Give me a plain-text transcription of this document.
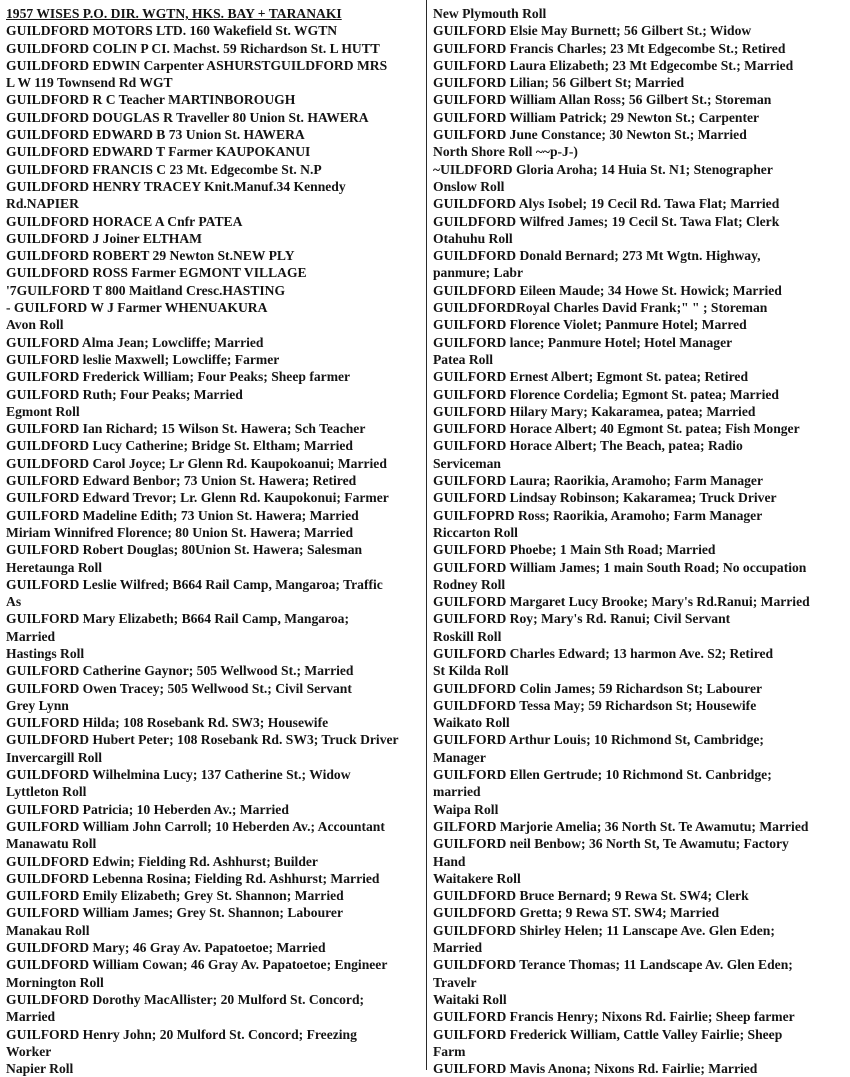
1957 WISES P.O. DIR. WGTN, HKS. BAY + TARANAKI
GUILDFORD MOTORS LTD. 160 Wakefield St. WGTN
GUILDFORD COLIN P CI. Machst. 59 Richardson St. L HUTT
GUILDFORD EDWIN Carpenter ASHURSTGUILDFORD MRS
L W 119 Townsend Rd WGT
GUILDFORD R C Teacher MARTINBOROUGH
GUILDFORD DOUGLAS R Traveller 80 Union St. HAWERA
GUILDFORD EDWARD B 73 Union St. HAWERA
GUILDFORD EDWARD T Farmer KAUPOKANUI
GUILDFORD FRANCIS C 23 Mt. Edgecombe St. N.P
GUILDFORD HENRY TRACEY Knit.Manuf.34 Kennedy
Rd.NAPIER
GUILDFORD HORACE A Cnfr PATEA
GUILDFORD J Joiner ELTHAM
GUILDFORD ROBERT 29 Newton St.NEW PLY
GUILDFORD ROSS Farmer EGMONT VILLAGE
'7GUILFORD T 800 Maitland Cresc.HASTING
- GUILFORD W J Farmer WHENUAKURA
Avon Roll
GUILFORD Alma Jean; Lowcliffe; Married
GUILFORD leslie Maxwell; Lowcliffe; Farmer
GUILFORD Frederick William; Four Peaks; Sheep farmer
GUILFORD Ruth; Four Peaks; Married
Egmont Roll
GUILFORD Ian Richard; 15 Wilson St. Hawera; Sch Teacher
GUILDFORD Lucy Catherine; Bridge St. Eltham; Married
GUILDFORD Carol Joyce; Lr Glenn Rd. Kaupokoanui; Married
GUILFORD Edward Benbor; 73 Union St. Hawera; Retired
GUILFORD Edward Trevor; Lr. Glenn Rd. Kaupokonui; Farmer
GUILFORD Madeline Edith; 73 Union St. Hawera; Married
Miriam Winnifred Florence; 80 Union St. Hawera; Married
GUILFORD Robert Douglas; 80Union St. Hawera; Salesman
Heretaunga Roll
GUILFORD Leslie Wilfred; B664 Rail Camp, Mangaroa; Traffic
As
GUILFORD Mary Elizabeth; B664 Rail Camp, Mangaroa;
Married
Hastings Roll
GUILFORD Catherine Gaynor; 505 Wellwood St.; Married
GUILFORD Owen Tracey; 505 Wellwood St.; Civil Servant
Grey Lynn
GUILFORD Hilda; 108 Rosebank Rd. SW3; Housewife
GUILDFORD Hubert Peter; 108 Rosebank Rd. SW3; Truck Driver
Invercargill Roll
GUILDFORD Wilhelmina Lucy; 137 Catherine St.; Widow
Lyttleton Roll
GUILFORD Patricia; 10 Heberden Av.; Married
GUILFORD William John Carroll; 10 Heberden Av.; Accountant
Manawatu Roll
GUILDFORD Edwin; Fielding Rd. Ashhurst; Builder
GUILDFORD Lebenna Rosina; Fielding Rd. Ashhurst; Married
GUILFORD Emily Elizabeth; Grey St. Shannon; Married
GUILFORD William James; Grey St. Shannon; Labourer
Manakau Roll
GUILDFORD Mary; 46 Gray Av. Papatoetoe; Married
GUILDFORD William Cowan; 46 Gray Av. Papatoetoe; Engineer
Mornington Roll
GUILDFORD Dorothy MacAllister; 20 Mulford St. Concord;
Married
GUILFORD Henry John; 20 Mulford St. Concord; Freezing
Worker
Napier Roll
New Plymouth Roll
GUILFORD Elsie May Burnett; 56 Gilbert St.; Widow
GUILFORD Francis Charles; 23 Mt Edgecombe St.; Retired
GUILFORD Laura Elizabeth; 23 Mt Edgecombe St.; Married
GUILFORD Lilian; 56 Gilbert St; Married
GUILFORD William Allan Ross; 56 Gilbert St.; Storeman
GUILFORD William Patrick; 29 Newton St.; Carpenter
GUILFORD June Constance; 30 Newton St.; Married
North Shore Roll ~~p-J-)
~UILDFORD Gloria Aroha; 14 Huia St. N1; Stenographer
Onslow Roll
GUILDFORD Alys Isobel; 19 Cecil Rd. Tawa Flat; Married
GUILDFORD Wilfred James; 19 Cecil St. Tawa Flat; Clerk
Otahuhu Roll
GUILDFORD Donald Bernard; 273 Mt Wgtn. Highway,
panmure; Labr
GUILDFORD Eileen Maude; 34 Howe St. Howick; Married
GUILDFORDRoyal Charles David Frank;" " ; Storeman
GUILFORD Florence Violet; Panmure Hotel; Marred
GUILFORD lance; Panmure Hotel; Hotel Manager
Patea Roll
GUILFORD Ernest Albert; Egmont St. patea; Retired
GUILFORD Florence Cordelia; Egmont St. patea; Married
GUILFORD Hilary Mary; Kakaramea, patea; Married
GUILFORD Horace Albert; 40 Egmont St. patea; Fish Monger
GUILFORD Horace Albert; The Beach, patea; Radio
Serviceman
GUILFORD Laura; Raorikia, Aramoho; Farm Manager
GUILFORD Lindsay Robinson; Kakaramea; Truck Driver
GUILFOPRD Ross; Raorikia, Aramoho; Farm Manager
Riccarton Roll
GUILFORD Phoebe; 1 Main Sth Road; Married
GUILFORD William James; 1 main South Road; No occupation
Rodney Roll
GUILFORD Margaret Lucy Brooke; Mary's Rd.Ranui; Married
GUILFORD Roy; Mary's Rd. Ranui; Civil Servant
Roskill Roll
GUILFORD Charles Edward; 13 harmon Ave. S2; Retired
St Kilda Roll
GUILDFORD Colin James; 59 Richardson St; Labourer
GUILDFORD Tessa May; 59 Richardson St; Housewife
Waikato Roll
GUILFORD Arthur Louis; 10 Richmond St, Cambridge;
Manager
GUILFORD Ellen Gertrude; 10 Richmond St. Canbridge;
married
Waipa Roll
GILFORD Marjorie Amelia; 36 North St. Te Awamutu; Married
GUILFORD neil Benbow; 36 North St, Te Awamutu; Factory
Hand
Waitakere Roll
GUILDFORD Bruce Bernard; 9 Rewa St. SW4; Clerk
GUILDFORD Gretta; 9 Rewa ST. SW4; Married
GUILDFORD Shirley Helen; 11 Lanscape Ave. Glen Eden;
Married
GUILDFORD Terance Thomas; 11 Landscape Av. Glen Eden;
Travelr
Waitaki Roll
GUILFORD Francis Henry; Nixons Rd. Fairlie; Sheep farmer
GUILFORD Frederick William, Cattle Valley Fairlie; Sheep
Farm
GUILFORD Mavis Anona; Nixons Rd. Fairlie; Married
